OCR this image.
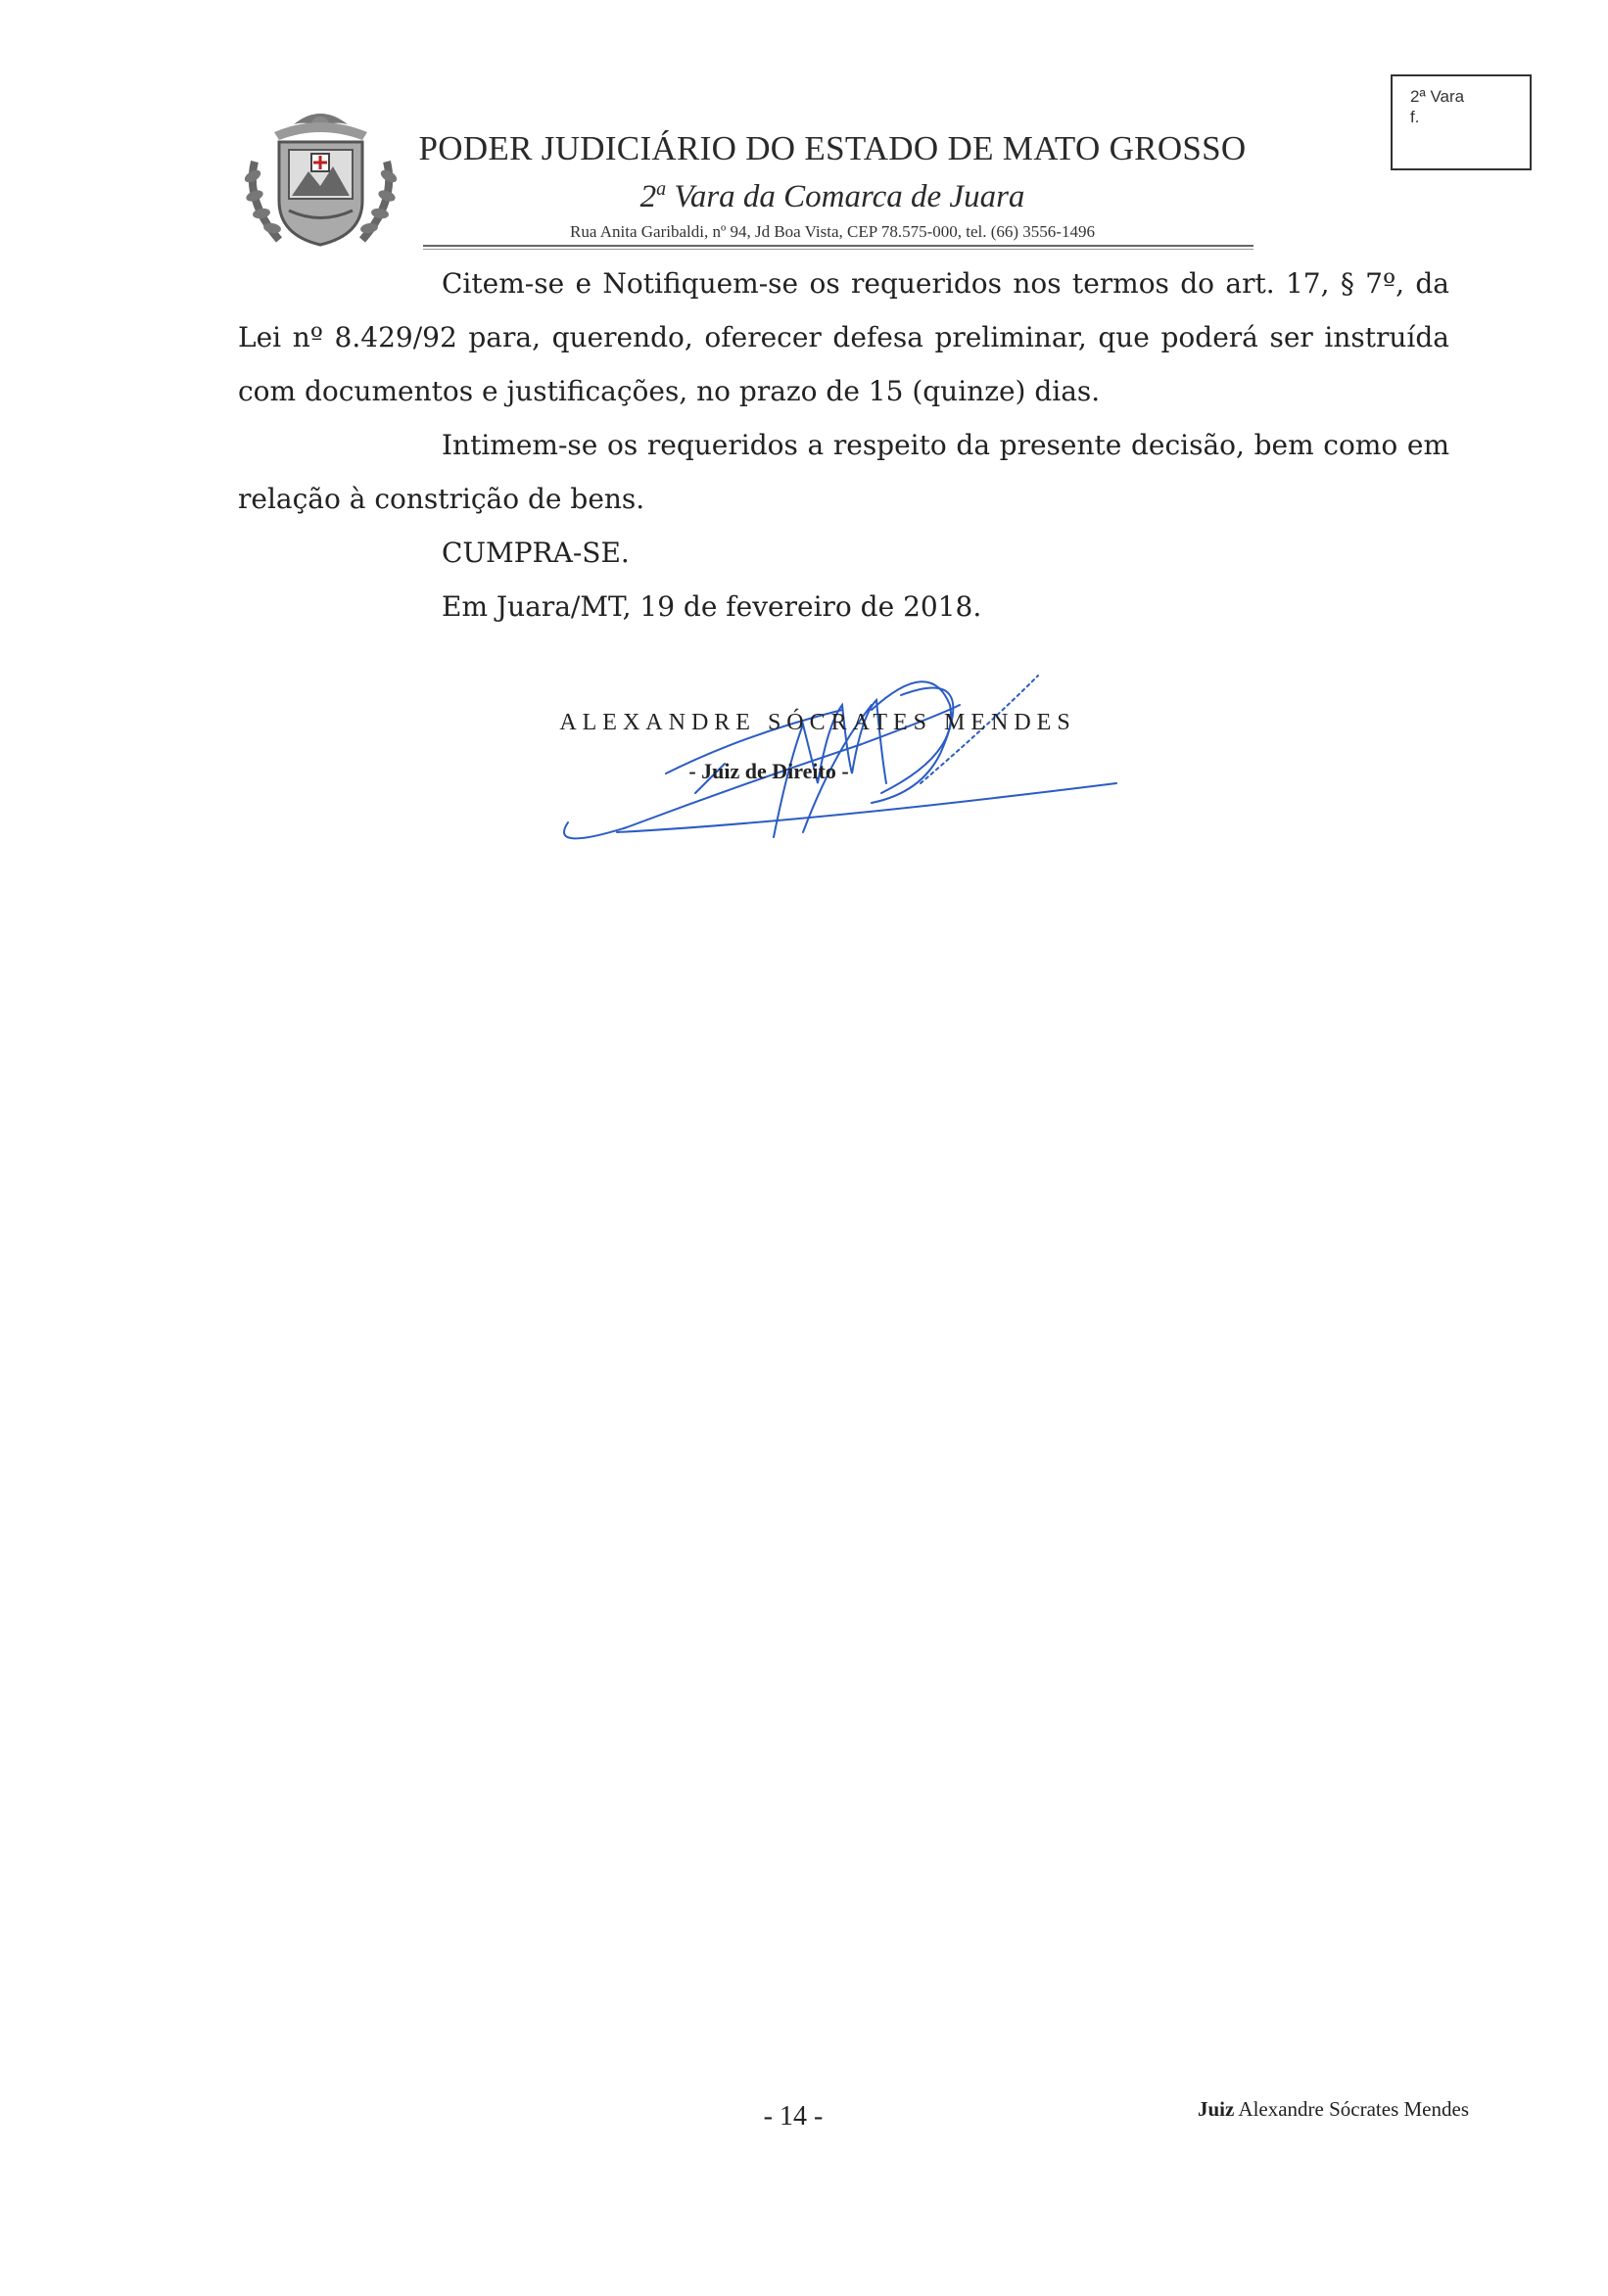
PODER JUDICIÁRIO DO ESTADO DE MATO GROSSO
2$^a$ Vara da Comarca de Juara
Rua Anita Garibaldi, nº 94, Jd Boa Vista, CEP 78.575-000, tel. (66) 3556-1496
2ª Vara
f.

Citem-se e Notifiquem-se os requeridos nos termos do art. 17, § 7º, da Lei nº 8.429/92 para, querendo, oferecer defesa preliminar, que poderá ser instruída com documentos e justificações, no prazo de 15 (quinze) dias.

Intimem-se os requeridos a respeito da presente decisão, bem como em relação à constrição de bens.

CUMPRA-SE.

Em Juara/MT, 19 de fevereiro de 2018.

ALEXANDRE SÓCRATES MENDES
- Juiz de Direito -
- 14 -	Juiz Alexandre Sócrates Mendes
